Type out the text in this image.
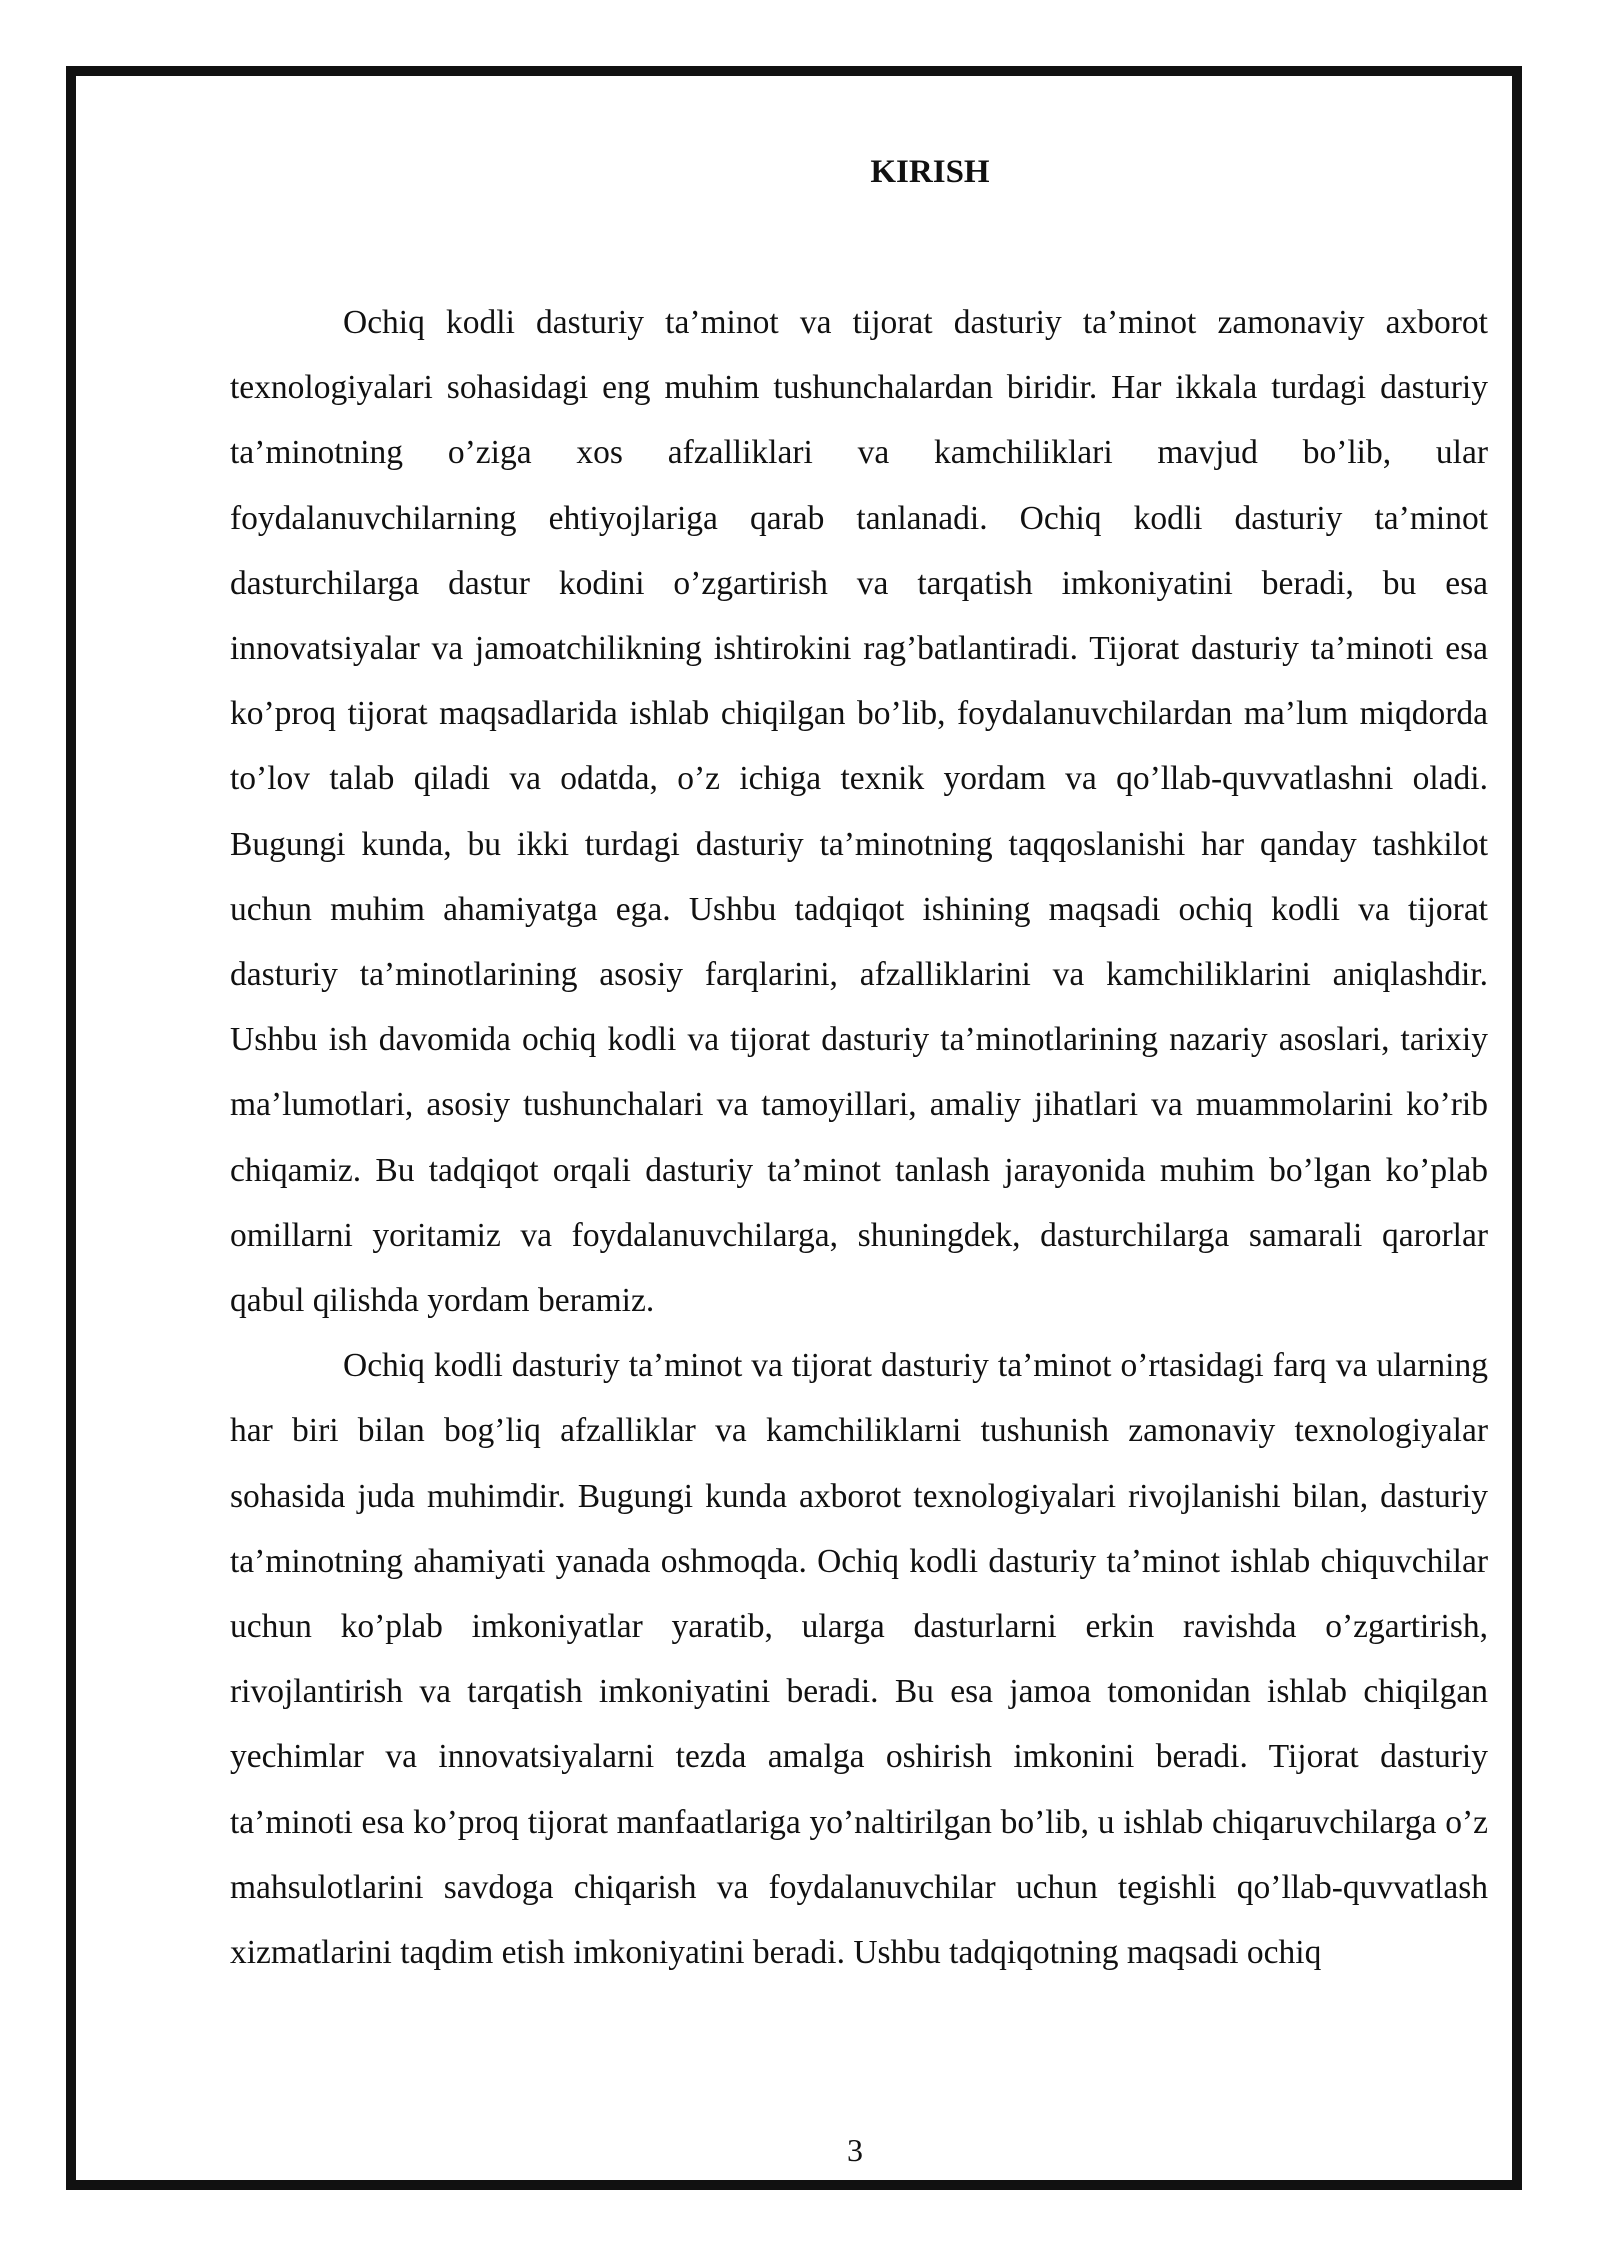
KIRISH

Ochiq kodli dasturiy ta’minot va tijorat dasturiy ta’minot zamonaviy axborot texnologiyalari sohasidagi eng muhim tushunchalardan biridir. Har ikkala turdagi dasturiy ta’minotning o’ziga xos afzalliklari va kamchiliklari mavjud bo’lib, ular foydalanuvchilarning ehtiyojlariga qarab tanlanadi. Ochiq kodli dasturiy ta’minot dasturchilarga dastur kodini o’zgartirish va tarqatish imkoniyatini beradi, bu esa innovatsiyalar va jamoatchilikning ishtirokini rag’batlantiradi. Tijorat dasturiy ta’minoti esa ko’proq tijorat maqsadlarida ishlab chiqilgan bo’lib, foydalanuvchilardan ma’lum miqdorda to’lov talab qiladi va odatda, o’z ichiga texnik yordam va qo’llab-quvvatlashni oladi. Bugungi kunda, bu ikki turdagi dasturiy ta’minotning taqqoslanishi har qanday tashkilot uchun muhim ahamiyatga ega. Ushbu tadqiqot ishining maqsadi ochiq kodli va tijorat dasturiy ta’minotlarining asosiy farqlarini, afzalliklarini va kamchiliklarini aniqlashdir. Ushbu ish davomida ochiq kodli va tijorat dasturiy ta’minotlarining nazariy asoslari, tarixiy ma’lumotlari, asosiy tushunchalari va tamoyillari, amaliy jihatlari va muammolarini ko’rib chiqamiz. Bu tadqiqot orqali dasturiy ta’minot tanlash jarayonida muhim bo’lgan ko’plab omillarni yoritamiz va foydalanuvchilarga, shuningdek, dasturchilarga samarali qarorlar qabul qilishda yordam beramiz.

Ochiq kodli dasturiy ta’minot va tijorat dasturiy ta’minot o’rtasidagi farq va ularning har biri bilan bog’liq afzalliklar va kamchiliklarni tushunish zamonaviy texnologiyalar sohasida juda muhimdir. Bugungi kunda axborot texnologiyalari rivojlanishi bilan, dasturiy ta’minotning ahamiyati yanada oshmoqda. Ochiq kodli dasturiy ta’minot ishlab chiquvchilar uchun ko’plab imkoniyatlar yaratib, ularga dasturlarni erkin ravishda o’zgartirish, rivojlantirish va tarqatish imkoniyatini beradi. Bu esa jamoa tomonidan ishlab chiqilgan yechimlar va innovatsiyalarni tezda amalga oshirish imkonini beradi. Tijorat dasturiy ta’minoti esa ko’proq tijorat manfaatlariga yo’naltirilgan bo’lib, u ishlab chiqaruvchilarga o’z mahsulotlarini savdoga chiqarish va foydalanuvchilar uchun tegishli qo’llab-quvvatlash xizmatlarini taqdim etish imkoniyatini beradi. Ushbu tadqiqotning maqsadi ochiq

3
